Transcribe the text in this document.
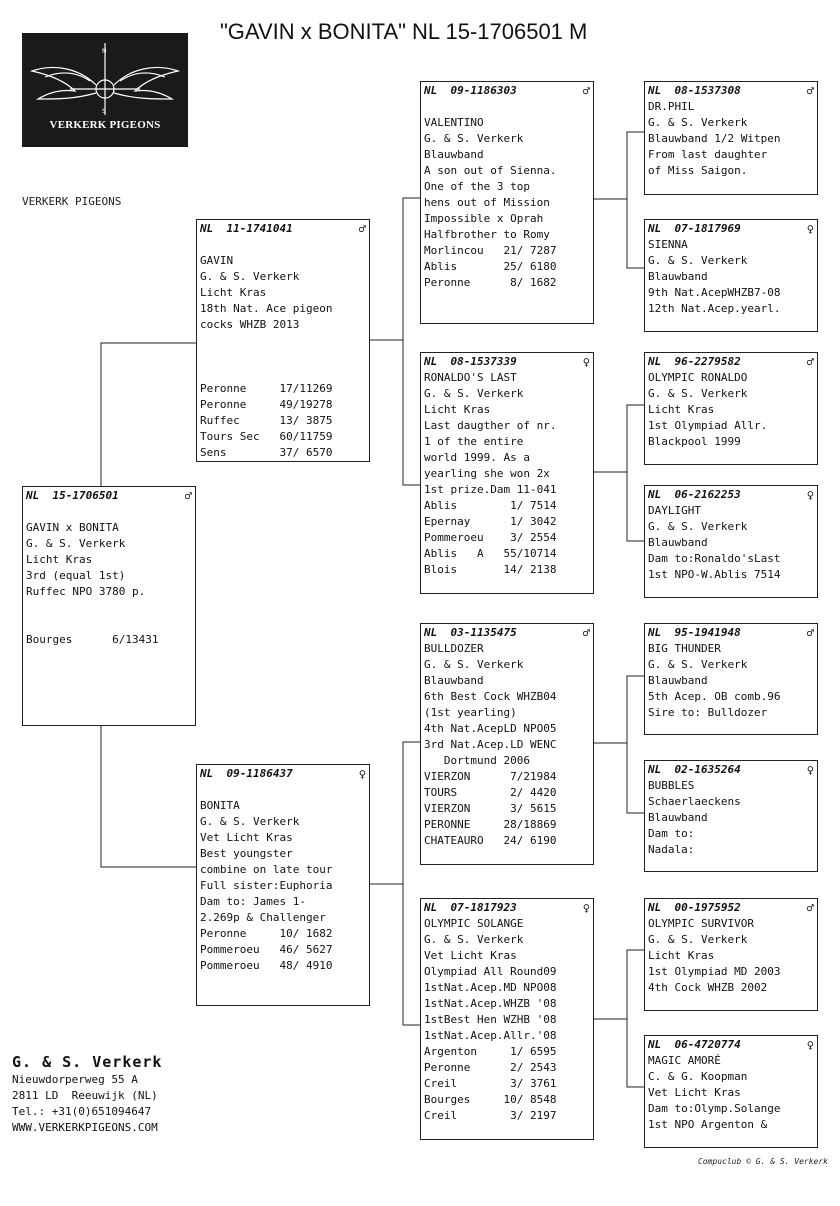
"GAVIN x BONITA" NL 15-1706501 M
N
S
VERKERK PIGEONS
VERKERK PIGEONS
NL  15-1706501	♂
GAVIN x BONITA
G. & S. Verkerk
Licht Kras
3rd (equal 1st)
Ruffec NPO 3780 p.
Bourges      6/13431
NL  11-1741041	♂
GAVIN
G. & S. Verkerk
Licht Kras
18th Nat. Ace pigeon
cocks WHZB 2013
Peronne     17/11269
Peronne     49/19278
Ruffec      13/ 3875
Tours Sec   60/11759
Sens        37/ 6570
NL  09-1186437	♀
BONITA
G. & S. Verkerk
Vet Licht Kras
Best youngster
combine on late tour
Full sister:Euphoria
Dam to: James 1-
2.269p & Challenger
Peronne     10/ 1682
Pommeroeu   46/ 5627
Pommeroeu   48/ 4910
NL  09-1186303	♂
VALENTINO
G. & S. Verkerk
Blauwband
A son out of Sienna.
One of the 3 top
hens out of Mission
Impossible x Oprah
Halfbrother to Romy
Morlincou   21/ 7287
Ablis       25/ 6180
Peronne      8/ 1682
NL  08-1537339	♀
RONALDO'S LAST
G. & S. Verkerk
Licht Kras
Last daugther of nr.
1 of the entire
world 1999. As a
yearling she won 2x
1st prize.Dam 11-041
Ablis        1/ 7514
Epernay      1/ 3042
Pommeroeu    3/ 2554
Ablis   A   55/10714
Blois       14/ 2138
NL  03-1135475	♂
BULLDOZER
G. & S. Verkerk
Blauwband
6th Best Cock WHZB04
(1st yearling)
4th Nat.AcepLD NPO05
3rd Nat.Acep.LD WENC
Dortmund 2006
VIERZON      7/21984
TOURS        2/ 4420
VIERZON      3/ 5615
PERONNE     28/18869
CHATEAURO   24/ 6190
NL  07-1817923	♀
OLYMPIC SOLANGE
G. & S. Verkerk
Vet Licht Kras
Olympiad All Round09
1stNat.Acep.MD NPO08
1stNat.Acep.WHZB '08
1stBest Hen WZHB '08
1stNat.Acep.Allr.'08
Argenton     1/ 6595
Peronne      2/ 2543
Creil        3/ 3761
Bourges     10/ 8548
Creil        3/ 2197
NL  08-1537308	♂
DR.PHIL
G. & S. Verkerk
Blauwband 1/2 Witpen
From last daughter
of Miss Saigon.
NL  07-1817969	♀
SIENNA
G. & S. Verkerk
Blauwband
9th Nat.AcepWHZB7-08
12th Nat.Acep.yearl.
NL  96-2279582	♂
OLYMPIC RONALDO
G. & S. Verkerk
Licht Kras
1st Olympiad Allr.
Blackpool 1999
NL  06-2162253	♀
DAYLIGHT
G. & S. Verkerk
Blauwband
Dam to:Ronaldo'sLast
1st NPO-W.Ablis 7514
NL  95-1941948	♂
BIG THUNDER
G. & S. Verkerk
Blauwband
5th Acep. OB comb.96
Sire to: Bulldozer
NL  02-1635264	♀
BUBBLES
Schaerlaeckens
Blauwband
Dam to:
Nadala:
NL  00-1975952	♂
OLYMPIC SURVIVOR
G. & S. Verkerk
Licht Kras
1st Olympiad MD 2003
4th Cock WHZB 2002
NL  06-4720774	♀
MAGIC AMORÉ
C. & G. Koopman
Vet Licht Kras
Dam to:Olymp.Solange
1st NPO Argenton &
G. & S. Verkerk
Nieuwdorperweg 55 A
2811 LD  Reeuwijk (NL)
Tel.: +31(0)651094647
WWW.VERKERKPIGEONS.COM
Compuclub © G. & S. Verkerk
